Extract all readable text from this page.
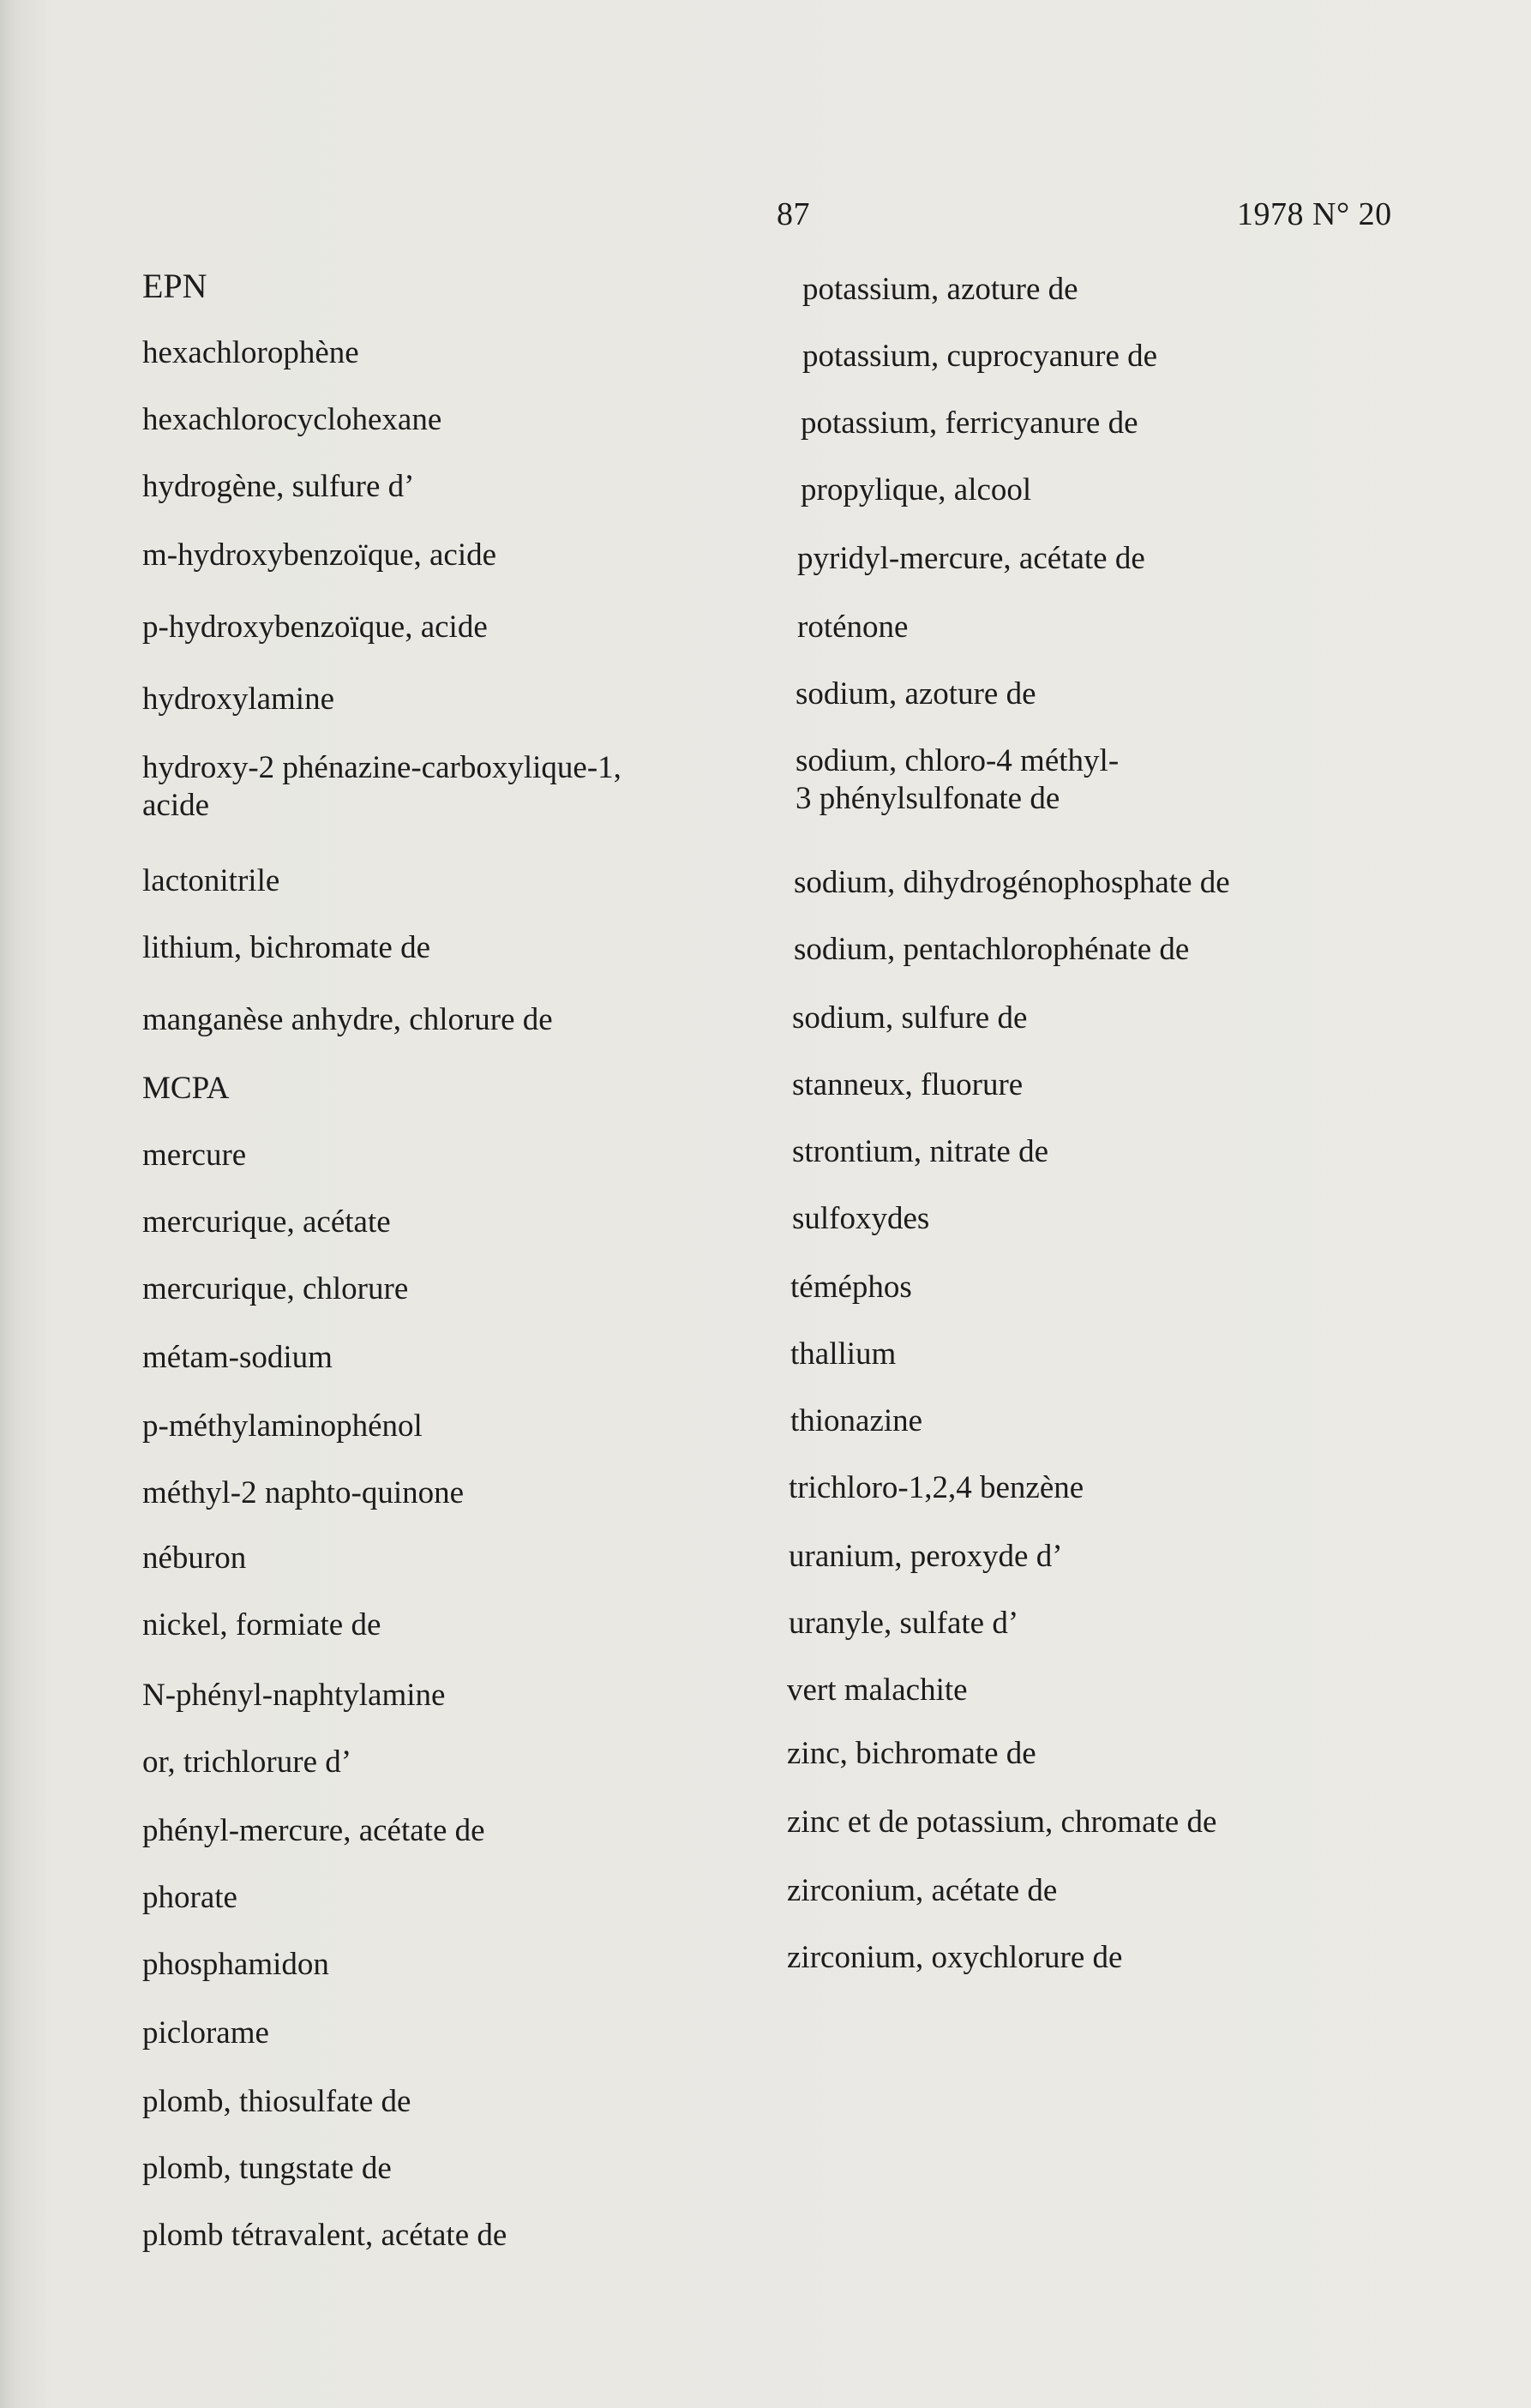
87	1978 N° 20
EPN
hexachlorophène
hexachlorocyclohexane
hydrogène, sulfure d’
m-hydroxybenzoïque, acide
p-hydroxybenzoïque, acide
hydroxylamine
hydroxy-2 phénazine-carboxylique-1,
acide
lactonitrile
lithium, bichromate de
manganèse anhydre, chlorure de
MCPA
mercure
mercurique, acétate
mercurique, chlorure
métam-sodium
p-méthylaminophénol
méthyl-2 naphto-quinone
néburon
nickel, formiate de
N-phényl-naphtylamine
or, trichlorure d’
phényl-mercure, acétate de
phorate
phosphamidon
piclorame
plomb, thiosulfate de
plomb, tungstate de
plomb tétravalent, acétate de
potassium, azoture de
potassium, cuprocyanure de
potassium, ferricyanure de
propylique, alcool
pyridyl-mercure, acétate de
roténone
sodium, azoture de
sodium, chloro-4 méthyl-
3 phénylsulfonate de
sodium, dihydrogénophosphate de
sodium, pentachlorophénate de
sodium, sulfure de
stanneux, fluorure
strontium, nitrate de
sulfoxydes
téméphos
thallium
thionazine
trichloro-1,2,4 benzène
uranium, peroxyde d’
uranyle, sulfate d’
vert malachite
zinc, bichromate de
zinc et de potassium, chromate de
zirconium, acétate de
zirconium, oxychlorure de
